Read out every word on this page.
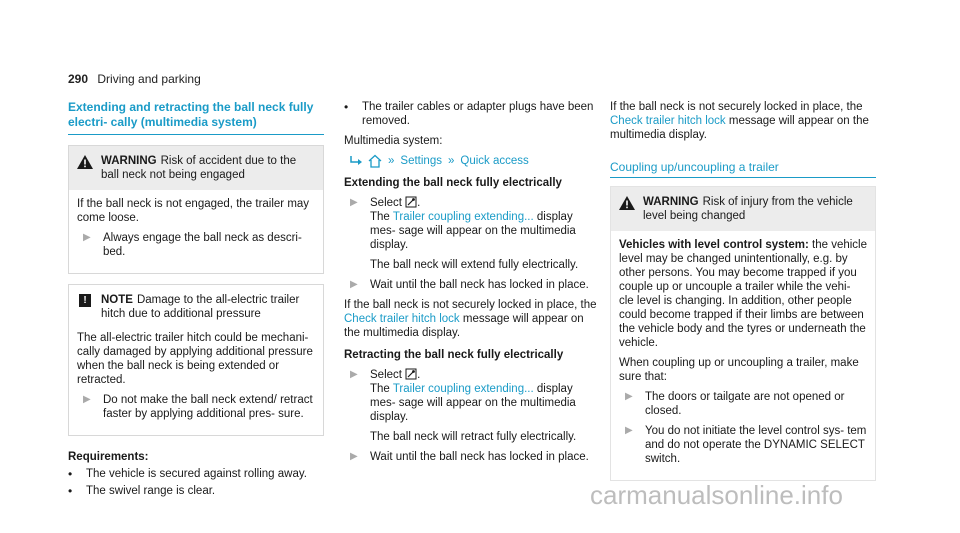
290 Driving and parking
Extending and retracting the ball neck fully electri- cally (multimedia system)
WARNING Risk of accident due to the ball neck not being engaged

If the ball neck is not engaged, the trailer may come loose.

▶	Always engage the ball neck as descri- bed.
!	NOTE Damage to the all-electric trailer hitch due to additional pressure

The all-electric trailer hitch could be mechani- cally damaged by applying additional pressure when the ball neck is being extended or retracted.

▶	Do not make the ball neck extend/ retract faster by applying additional pres- sure.
Requirements:
•	The vehicle is secured against rolling away.
•	The swivel range is clear.
•	The trailer cables or adapter plugs have been removed.

Multimedia system:

» Settings » Quick access
Extending the ball neck fully electrically
▶	Select .
The Trailer coupling extending... display mes- sage will appear on the multimedia display.

The ball neck will extend fully electrically.

▶	Wait until the ball neck has locked in place.

If the ball neck is not securely locked in place, the Check trailer hitch lock message will appear on the multimedia display.

Retracting the ball neck fully electrically
▶	Select .
The Trailer coupling extending... display mes- sage will appear on the multimedia display.

The ball neck will retract fully electrically.

▶	Wait until the ball neck has locked in place.

If the ball neck is not securely locked in place, the Check trailer hitch lock message will appear on the multimedia display.

Coupling up/uncoupling a trailer
WARNING Risk of injury from the vehicle level being changed

Vehicles with level control system: the vehicle level may be changed unintentionally, e.g. by other persons. You may become trapped if you couple up or uncouple a trailer while the vehi- cle level is changing. In addition, other people could become trapped if their limbs are between the vehicle body and the tyres or underneath the vehicle.

When coupling up or uncoupling a trailer, make sure that:

▶	The doors or tailgate are not opened or closed.
▶	You do not initiate the level control sys- tem and do not operate the DYNAMIC SELECT switch.
carmanualsonline.info
